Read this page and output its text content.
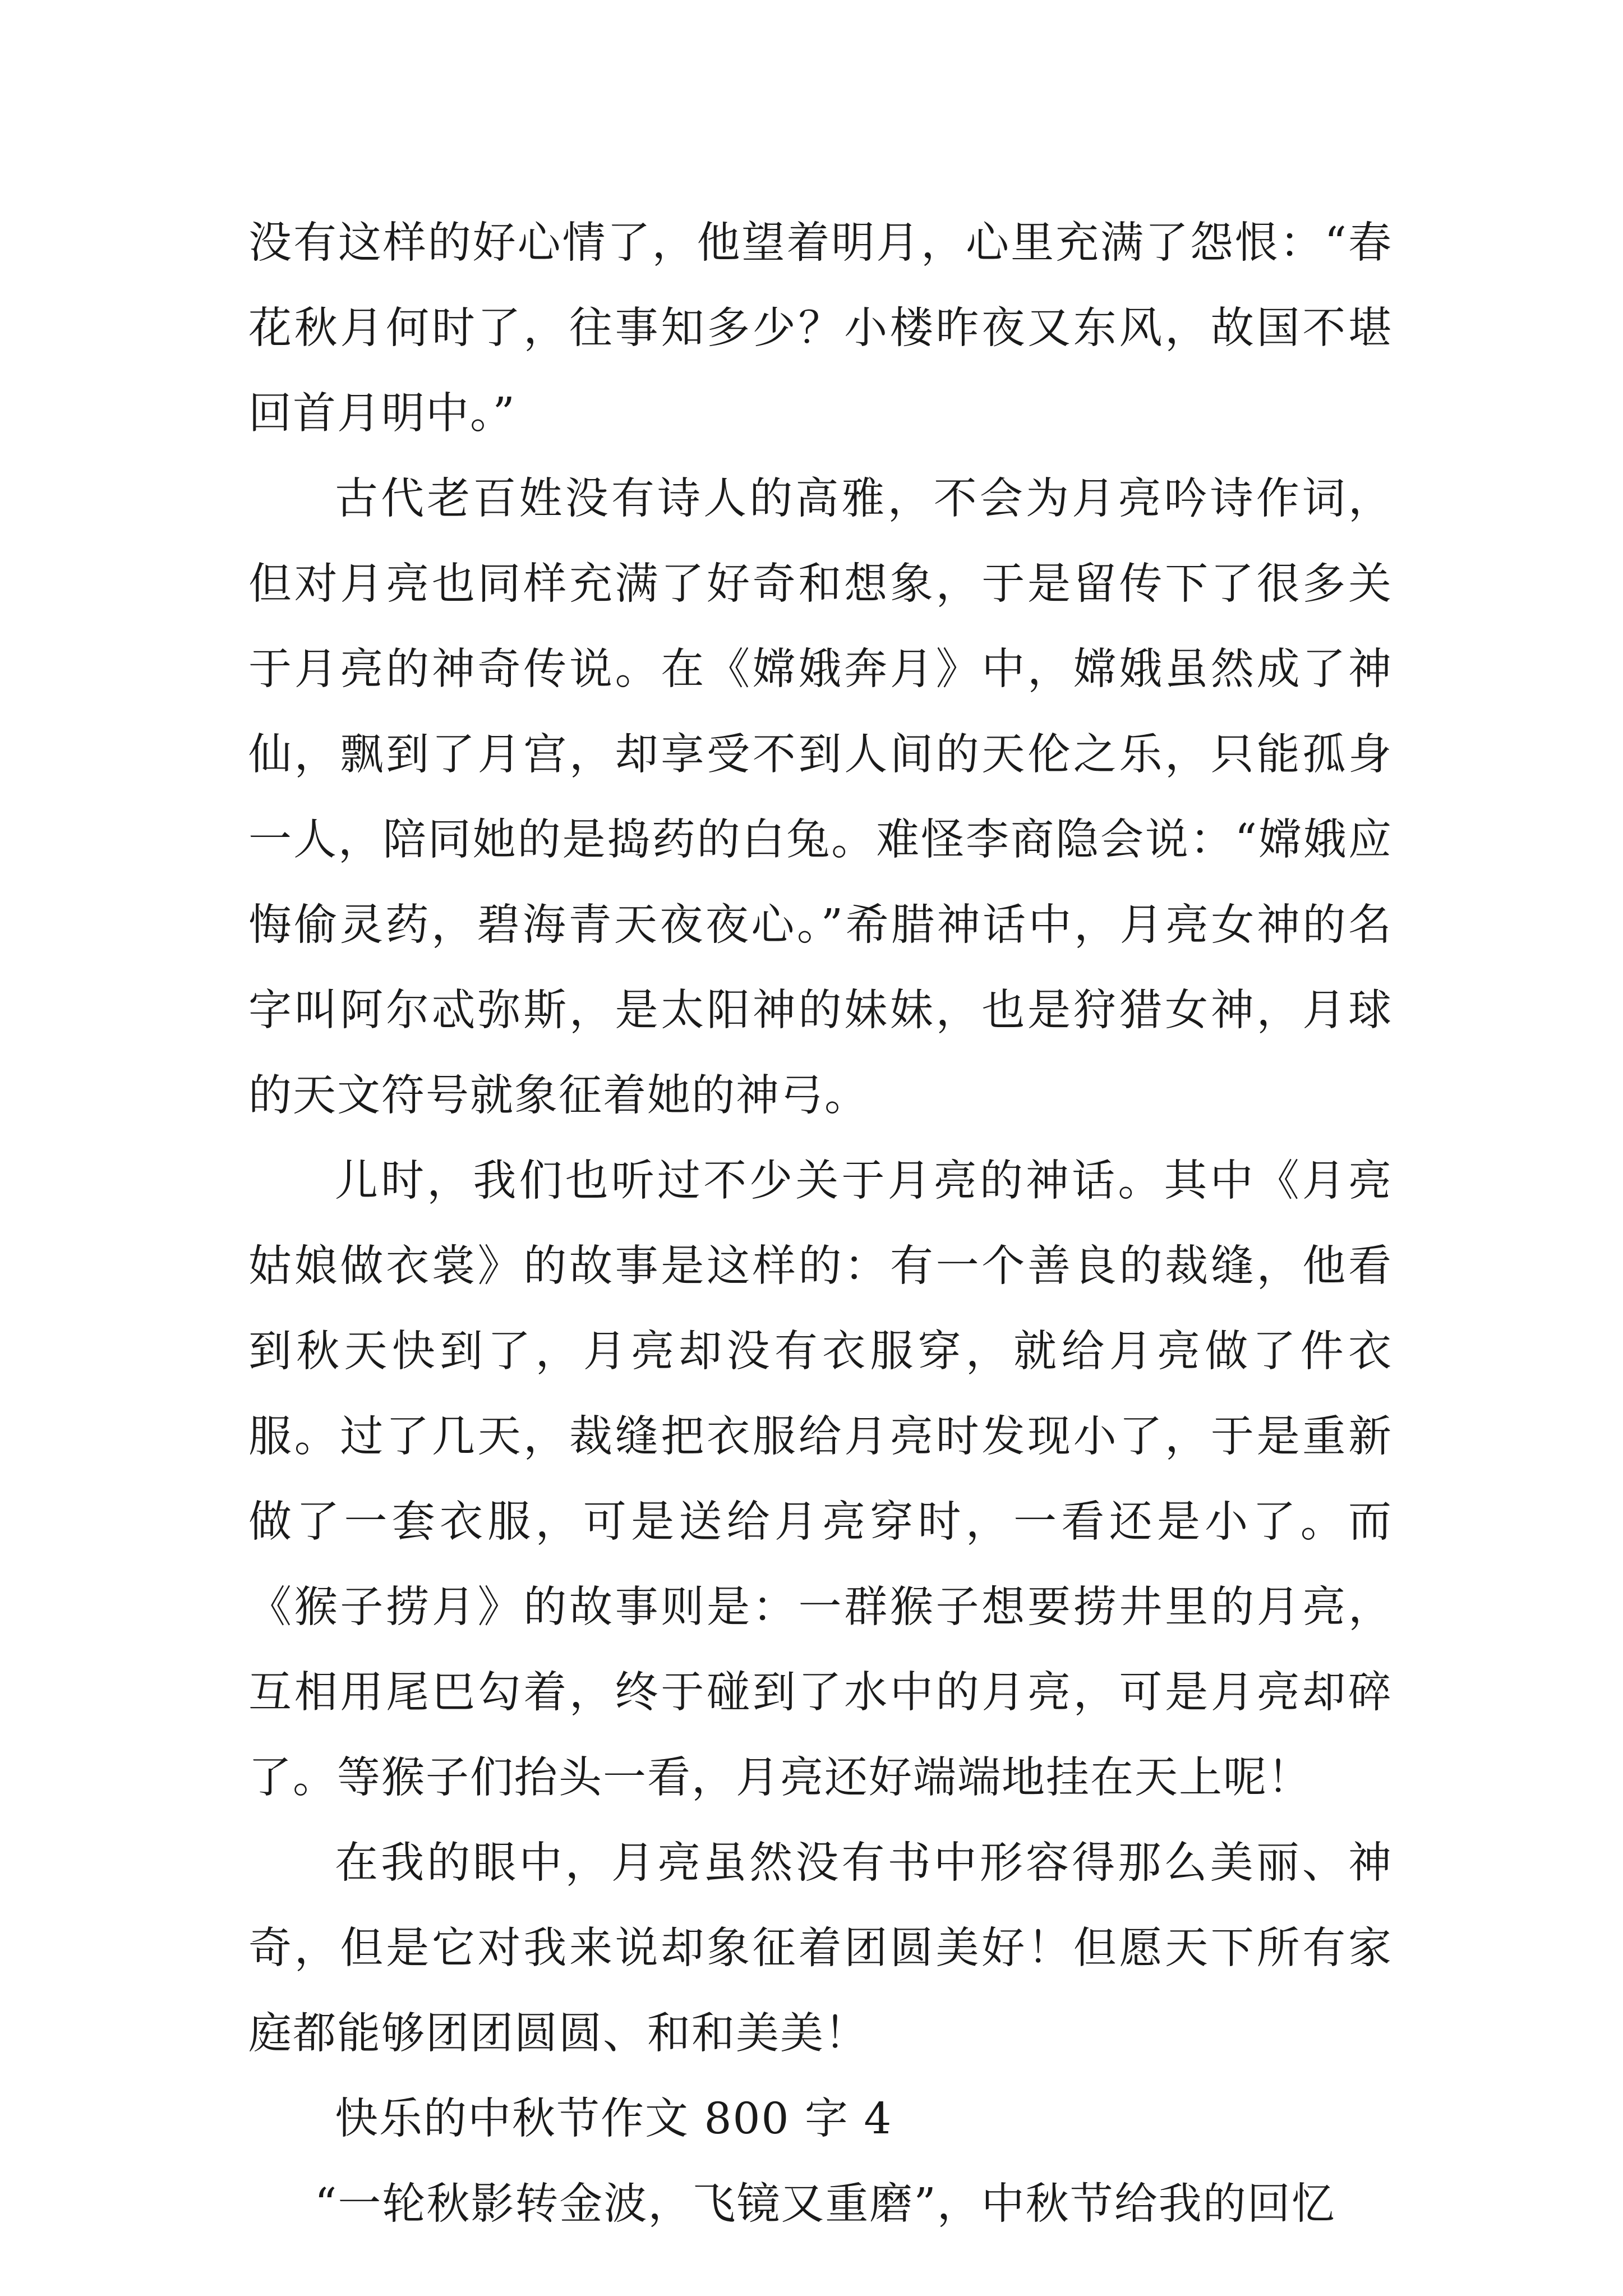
没有这样的好心情了，他望着明月，心里充满了怨恨：“春花秋月何时了，往事知多少？小楼昨夜又东风，故国不堪回首月明中。”

古代老百姓没有诗人的高雅，不会为月亮吟诗作词，但对月亮也同样充满了好奇和想象，于是留传下了很多关于月亮的神奇传说。在《嫦娥奔月》中，嫦娥虽然成了神仙，飘到了月宫，却享受不到人间的天伦之乐，只能孤身一人，陪同她的是捣药的白兔。难怪李商隐会说：“嫦娥应悔偷灵药，碧海青天夜夜心。”希腊神话中，月亮女神的名字叫阿尔忒弥斯，是太阳神的妹妹，也是狩猎女神，月球的天文符号就象征着她的神弓。

儿时，我们也听过不少关于月亮的神话。其中《月亮姑娘做衣裳》的故事是这样的：有一个善良的裁缝，他看到秋天快到了，月亮却没有衣服穿，就给月亮做了件衣服。过了几天，裁缝把衣服给月亮时发现小了，于是重新做了一套衣服，可是送给月亮穿时，一看还是小了。而《猴子捞月》的故事则是：一群猴子想要捞井里的月亮，互相用尾巴勾着，终于碰到了水中的月亮，可是月亮却碎了。等猴子们抬头一看，月亮还好端端地挂在天上呢！

在我的眼中，月亮虽然没有书中形容得那么美丽、神奇，但是它对我来说却象征着团圆美好！但愿天下所有家庭都能够团团圆圆、和和美美！

快乐的中秋节作文 800 字 4

“一轮秋影转金波，飞镜又重磨”，中秋节给我的回忆
